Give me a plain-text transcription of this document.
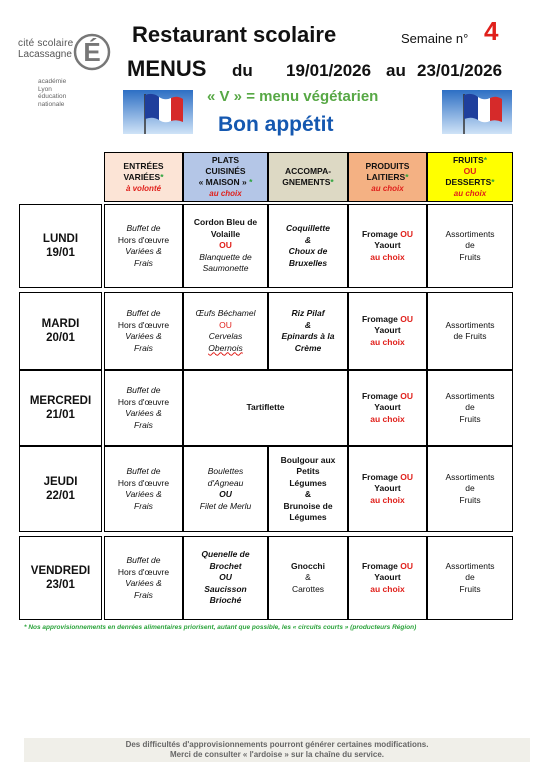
cité scolaire
Lacassagne É
académie
Lyon
éducation
nationale
Restaurant scolaire	Semaine n° 4
MENUS du 19/01/2026 au 23/01/2026
« V » = menu végétarien
Bon appétit
ENTRÉES
VARIÉES*
à volonté
PLATS
CUISINÉS
« MAISON » *
au choix
ACCOMPA-
GNEMENTS*
PRODUITS
LAITIERS*
au choix
FRUITS*
OU
DESSERTS*
au choix
LUNDI
19/01
Buffet de
Hors d'œuvre
Variées &
Frais
Cordon Bleu de
Volaille
OU
Blanquette de
Saumonette
Coquillette
&
Choux de
Bruxelles
Fromage OU
Yaourt
au choix
Assortiments
de
Fruits
MARDI
20/01
Buffet de
Hors d'œuvre
Variées &
Frais
Œufs Béchamel
OU
Cervelas
Obernois
Riz Pilaf
&
Epinards à la
Crème
Fromage OU
Yaourt
au choix
Assortiments
de Fruits
MERCREDI
21/01
Buffet de
Hors d'œuvre
Variées &
Frais
Tartiflette
Fromage OU
Yaourt
au choix
Assortiments
de
Fruits
JEUDI
22/01
Buffet de
Hors d'œuvre
Variées &
Frais
Boulettes
d'Agneau
OU
Filet de Merlu
Boulgour aux
Petits
Légumes
&
Brunoise de
Légumes
Fromage OU
Yaourt
au choix
Assortiments
de
Fruits
VENDREDI
23/01
Buffet de
Hors d'œuvre
Variées &
Frais
Quenelle de
Brochet
OU
Saucisson
Brioché
Gnocchi
&
Carottes
Fromage OU
Yaourt
au choix
Assortiments
de
Fruits
* Nos approvisionnements en denrées alimentaires priorisent, autant que possible, les « circuits courts » (producteurs Région)
Des difficultés d'approvisionnements pourront générer certaines modifications.
Merci de consulter « l'ardoise » sur la chaîne du service.
